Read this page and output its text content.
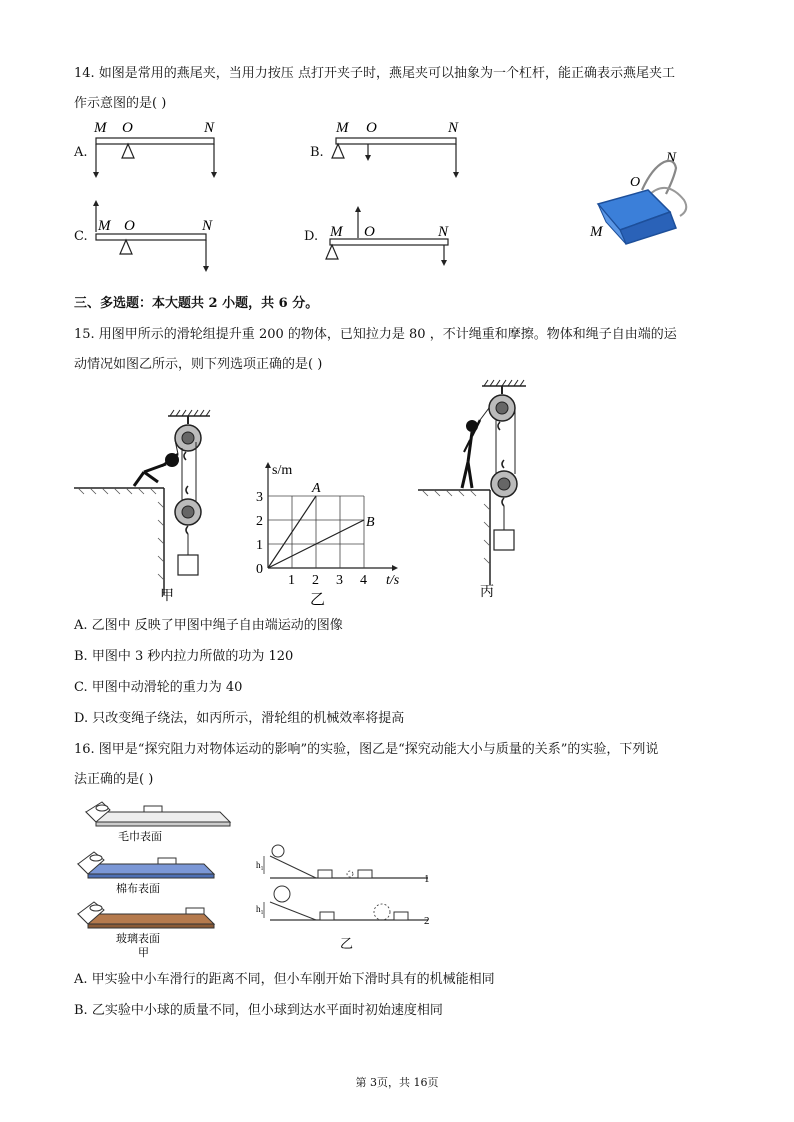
14. 如图是常用的燕尾夹，当用力按压 点打开夹子时，燕尾夹可以抽象为一个杠杆，能正确表示燕尾夹工
作示意图的是( )
A.
M O	N
B.
M O	N
C.
M O	N
D. M O	N
N
O
M
三、多选题：本大题共 2 小题，共 6 分。
15. 用图甲所示的滑轮组提升重 200 的物体，已知拉力是 80 ，不计绳重和摩擦。物体和绳子自由端的运
动情况如图乙所示，则下列选项正确的是( )
甲
A
B
s/m
t/s
0
1
2
3
1 2 3 4
乙	丙
A. 乙图中 反映了甲图中绳子自由端运动的图像
B. 甲图中 3 秒内拉力所做的功为 120
C. 甲图中动滑轮的重力为 40
D. 只改变绳子绕法，如丙所示，滑轮组的机械效率将提高
16. 图甲是“探究阻力对物体运动的影响”的实验，图乙是“探究动能大小与质量的关系”的实验，下列说
法正确的是( )
毛巾表面
棉布表面
玻璃表面
甲
h₁
1
h₁
2
乙
A. 甲实验中小车滑行的距离不同，但小车刚开始下滑时具有的机械能相同
B. 乙实验中小球的质量不同，但小球到达水平面时初始速度相同
第 3页，共 16页
